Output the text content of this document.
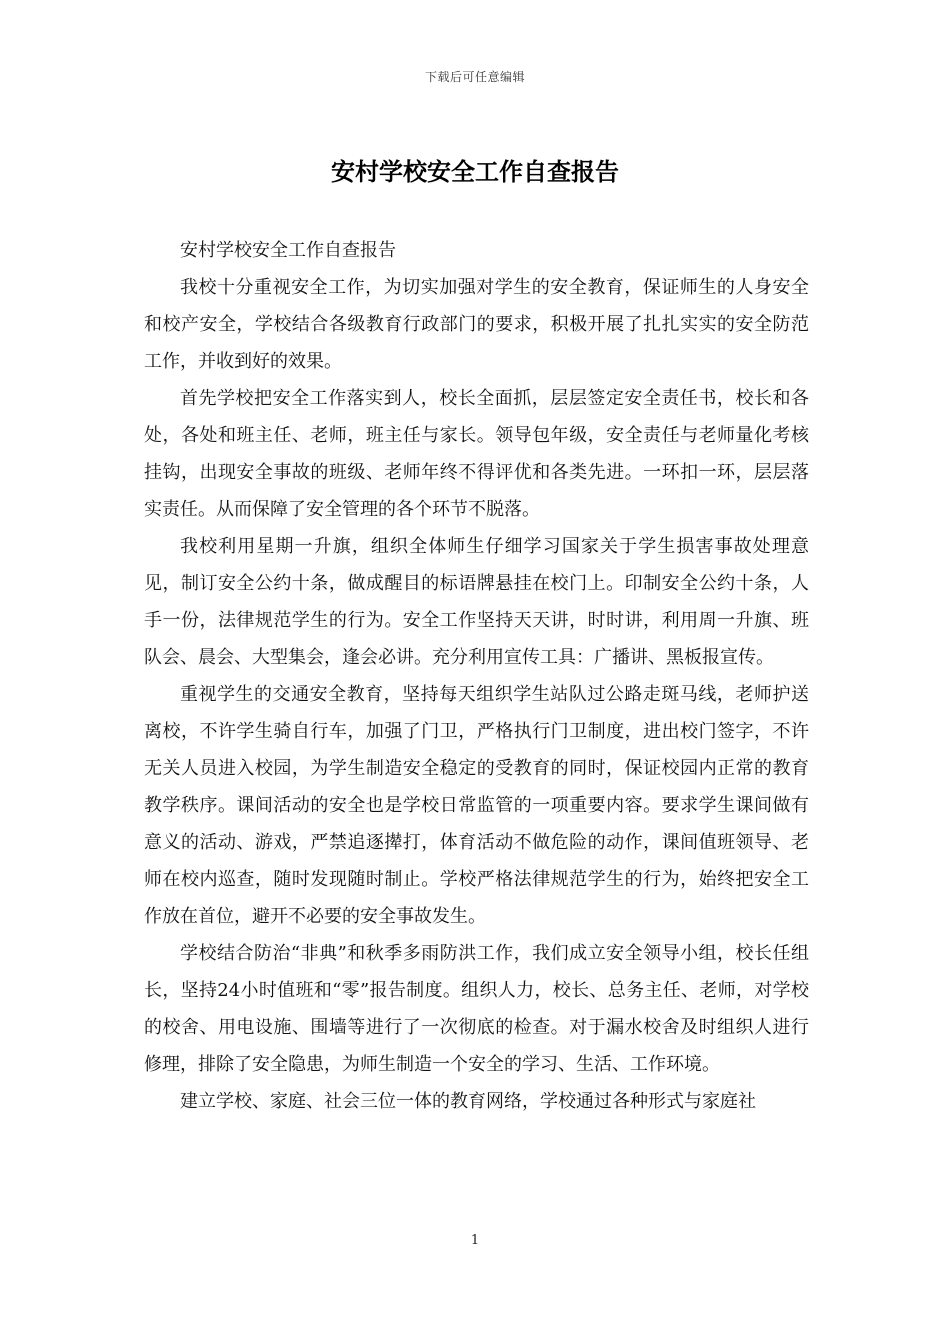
下载后可任意编辑
安村学校安全工作自查报告

安村学校安全工作自查报告

我校十分重视安全工作，为切实加强对学生的安全教育，保证师生的人身安全和校产安全，学校结合各级教育行政部门的要求，积极开展了扎扎实实的安全防范工作，并收到好的效果。

首先学校把安全工作落实到人，校长全面抓，层层签定安全责任书，校长和各处，各处和班主任、老师，班主任与家长。领导包年级，安全责任与老师量化考核挂钩，出现安全事故的班级、老师年终不得评优和各类先进。一环扣一环，层层落实责任。从而保障了安全管理的各个环节不脱落。

我校利用星期一升旗，组织全体师生仔细学习国家关于学生损害事故处理意见，制订安全公约十条，做成醒目的标语牌悬挂在校门上。印制安全公约十条，人手一份，法律规范学生的行为。安全工作坚持天天讲，时时讲，利用周一升旗、班队会、晨会、大型集会，逢会必讲。充分利用宣传工具：广播讲、黑板报宣传。

重视学生的交通安全教育，坚持每天组织学生站队过公路走斑马线，老师护送离校，不许学生骑自行车，加强了门卫，严格执行门卫制度，进出校门签字，不许无关人员进入校园，为学生制造安全稳定的受教育的同时，保证校园内正常的教育教学秩序。课间活动的安全也是学校日常监管的一项重要内容。要求学生课间做有意义的活动、游戏，严禁追逐撵打，体育活动不做危险的动作，课间值班领导、老师在校内巡查，随时发现随时制止。学校严格法律规范学生的行为，始终把安全工作放在首位，避开不必要的安全事故发生。

学校结合防治“非典”和秋季多雨防洪工作，我们成立安全领导小组，校长任组长，坚持24小时值班和“零”报告制度。组织人力，校长、总务主任、老师，对学校的校舍、用电设施、围墙等进行了一次彻底的检查。对于漏水校舍及时组织人进行修理，排除了安全隐患，为师生制造一个安全的学习、生活、工作环境。

建立学校、家庭、社会三位一体的教育网络，学校通过各种形式与家庭社

1
